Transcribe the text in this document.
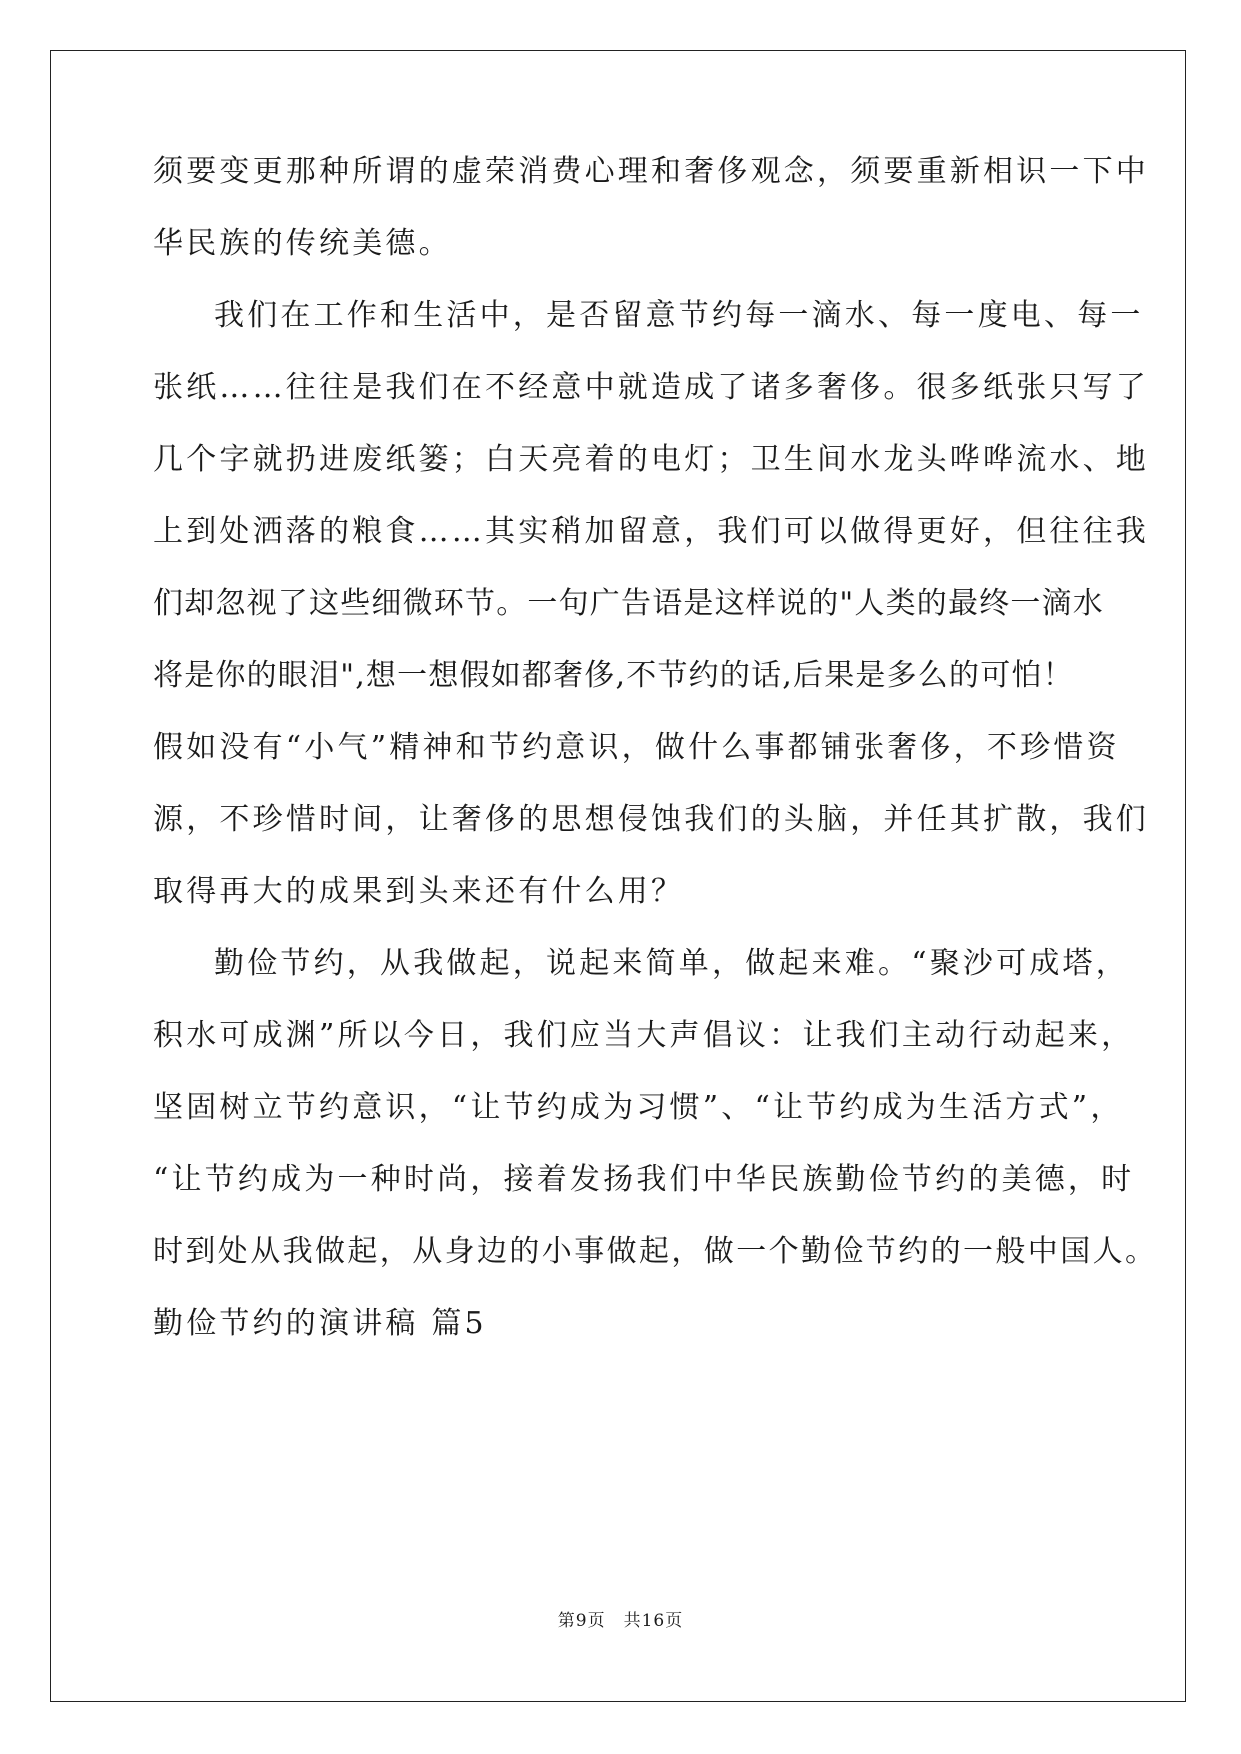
须要变更那种所谓的虚荣消费心理和奢侈观念，须要重新相识一下中
华民族的传统美德。
我们在工作和生活中，是否留意节约每一滴水、每一度电、每一
张纸……往往是我们在不经意中就造成了诸多奢侈。很多纸张只写了
几个字就扔进废纸篓；白天亮着的电灯；卫生间水龙头哗哗流水、地
上到处洒落的粮食……其实稍加留意，我们可以做得更好，但往往我
们却忽视了这些细微环节。一句广告语是这样说的"人类的最终一滴水
将是你的眼泪",想一想假如都奢侈,不节约的话,后果是多么的可怕！
假如没有“小气”精神和节约意识，做什么事都铺张奢侈，不珍惜资
源，不珍惜时间，让奢侈的思想侵蚀我们的头脑，并任其扩散，我们
取得再大的成果到头来还有什么用？
勤俭节约，从我做起，说起来简单，做起来难。“聚沙可成塔，
积水可成渊”所以今日，我们应当大声倡议：让我们主动行动起来，
坚固树立节约意识，“让节约成为习惯”、“让节约成为生活方式”，
“让节约成为一种时尚，接着发扬我们中华民族勤俭节约的美德，时
时到处从我做起，从身边的小事做起，做一个勤俭节约的一般中国人。
勤俭节约的演讲稿 篇5
第9页 共16页
